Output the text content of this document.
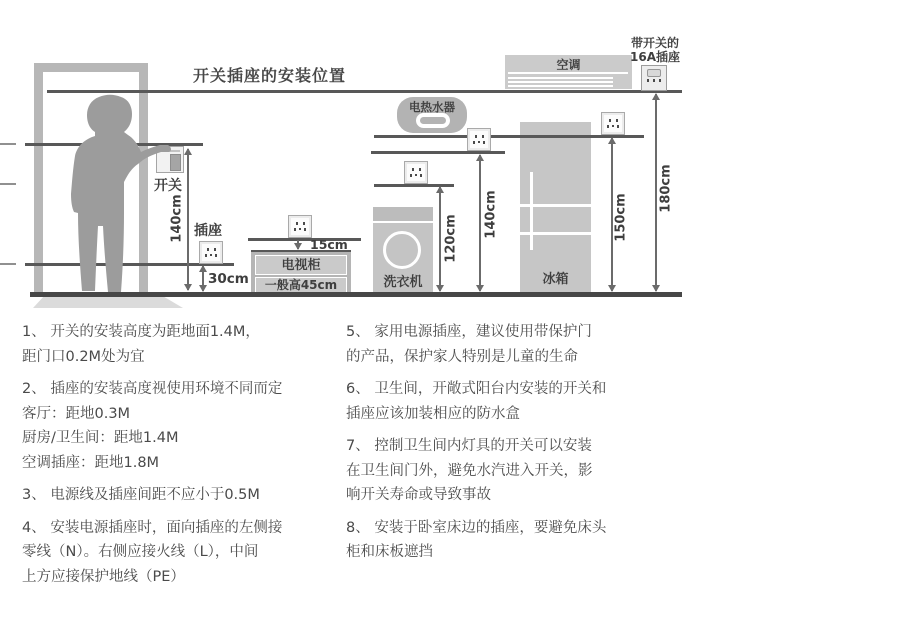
开关插座的安装位置
空调
电热水器
洗衣机
电视柜
一般高45cm	冰箱
开关
插座
15cm
30cm
带开关的
16A插座
140cm	120cm 140cm	150cm
180cm

1、 开关的安装高度为距地面1.4M，
距门口0.2M处为宜

2、 插座的安装高度视使用环境不同而定
客厅：距地0.3M
厨房/卫生间：距地1.4M
空调插座：距地1.8M

3、 电源线及插座间距不应小于0.5M

4、 安装电源插座时，面向插座的左侧接
零线（N）。右侧应接火线（L），中间
上方应接保护地线（PE）

5、 家用电源插座，建议使用带保护门
的产品，保护家人特别是儿童的生命

6、 卫生间，开敞式阳台内安装的开关和
插座应该加装相应的防水盒

7、 控制卫生间内灯具的开关可以安装
在卫生间门外，避免水汽进入开关，影
响开关寿命或导致事故

8、 安装于卧室床边的插座，要避免床头
柜和床板遮挡
